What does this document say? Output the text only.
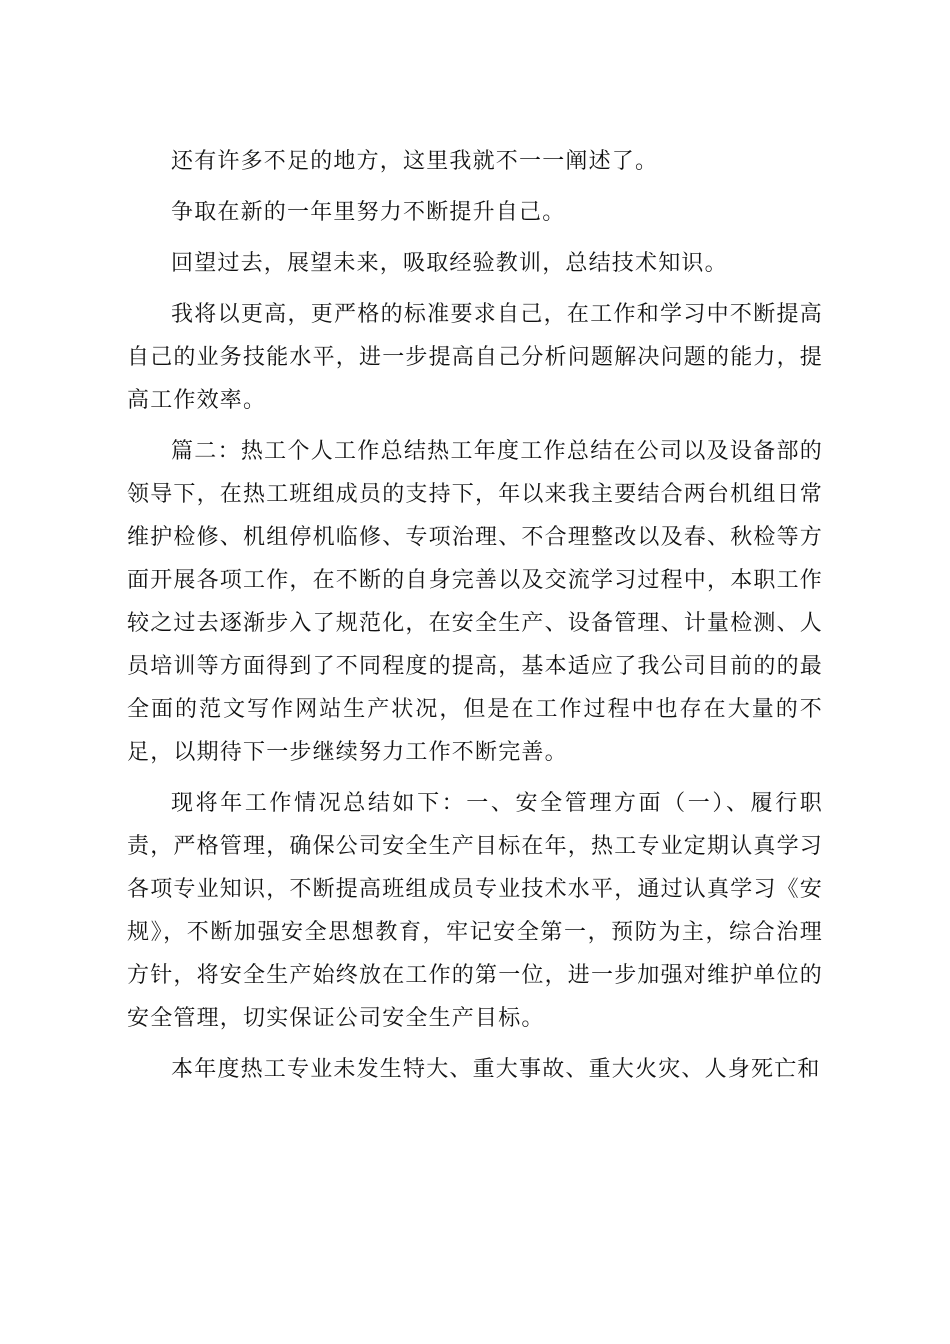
还有许多不足的地方，这里我就不一一阐述了。

争取在新的一年里努力不断提升自己。

回望过去，展望未来，吸取经验教训，总结技术知识。

我将以更高，更严格的标准要求自己，在工作和学习中不断提高自己的业务技能水平，进一步提高自己分析问题解决问题的能力，提高工作效率。

篇二：热工个人工作总结热工年度工作总结在公司以及设备部的领导下，在热工班组成员的支持下，年以来我主要结合两台机组日常维护检修、机组停机临修、专项治理、不合理整改以及春、秋检等方面开展各项工作，在不断的自身完善以及交流学习过程中，本职工作较之过去逐渐步入了规范化，在安全生产、设备管理、计量检测、人员培训等方面得到了不同程度的提高，基本适应了我公司目前的的最全面的范文写作网站生产状况，但是在工作过程中也存在大量的不足，以期待下一步继续努力工作不断完善。

现将年工作情况总结如下：一、安全管理方面（一）、履行职责，严格管理，确保公司安全生产目标在年，热工专业定期认真学习各项专业知识，不断提高班组成员专业技术水平，通过认真学习《安规》，不断加强安全思想教育，牢记安全第一，预防为主，综合治理方针，将安全生产始终放在工作的第一位，进一步加强对维护单位的安全管理，切实保证公司安全生产目标。

本年度热工专业未发生特大、重大事故、重大火灾、人身死亡和
